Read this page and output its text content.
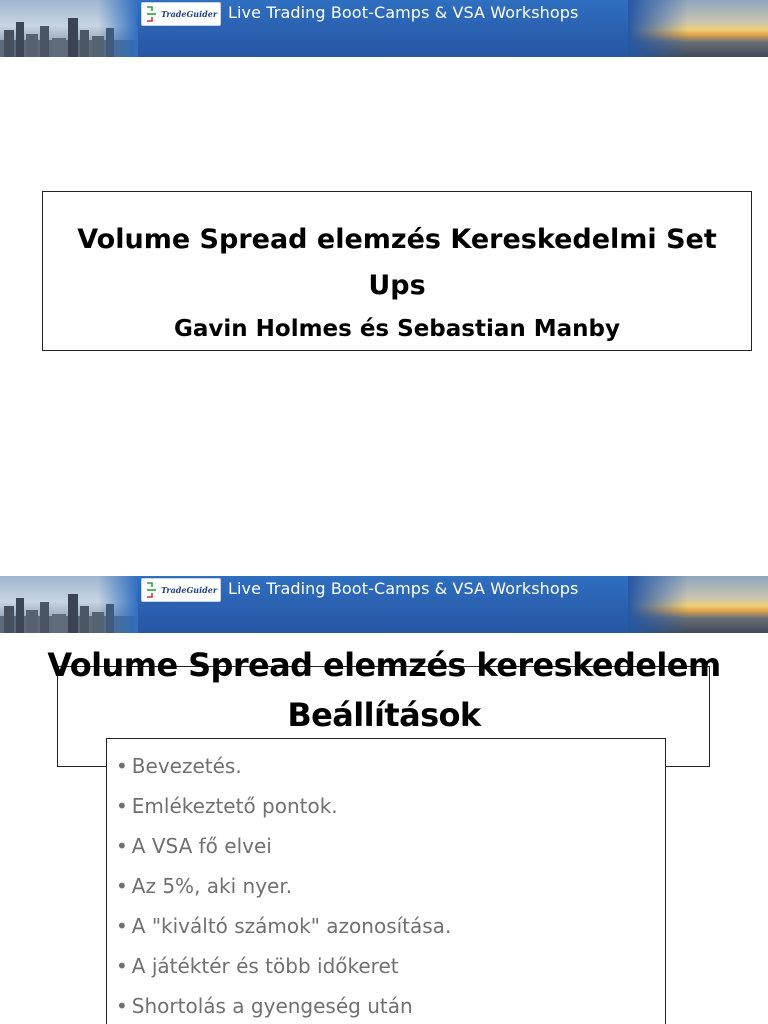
TradeGuider Live Trading Boot-Camps & VSA Workshops
Volume Spread elemzés Kereskedelmi Set Ups
Gavin Holmes és Sebastian Manby
TradeGuider Live Trading Boot-Camps & VSA Workshops
Volume Spread elemzés kereskedelem
Beállítások
• Bevezetés.
• Emlékeztető pontok.
• A VSA fő elvei
• Az 5%, aki nyer.
• A "kiváltó számok" azonosítása.
• A játéktér és több időkeret
• Shortolás a gyengeség után
